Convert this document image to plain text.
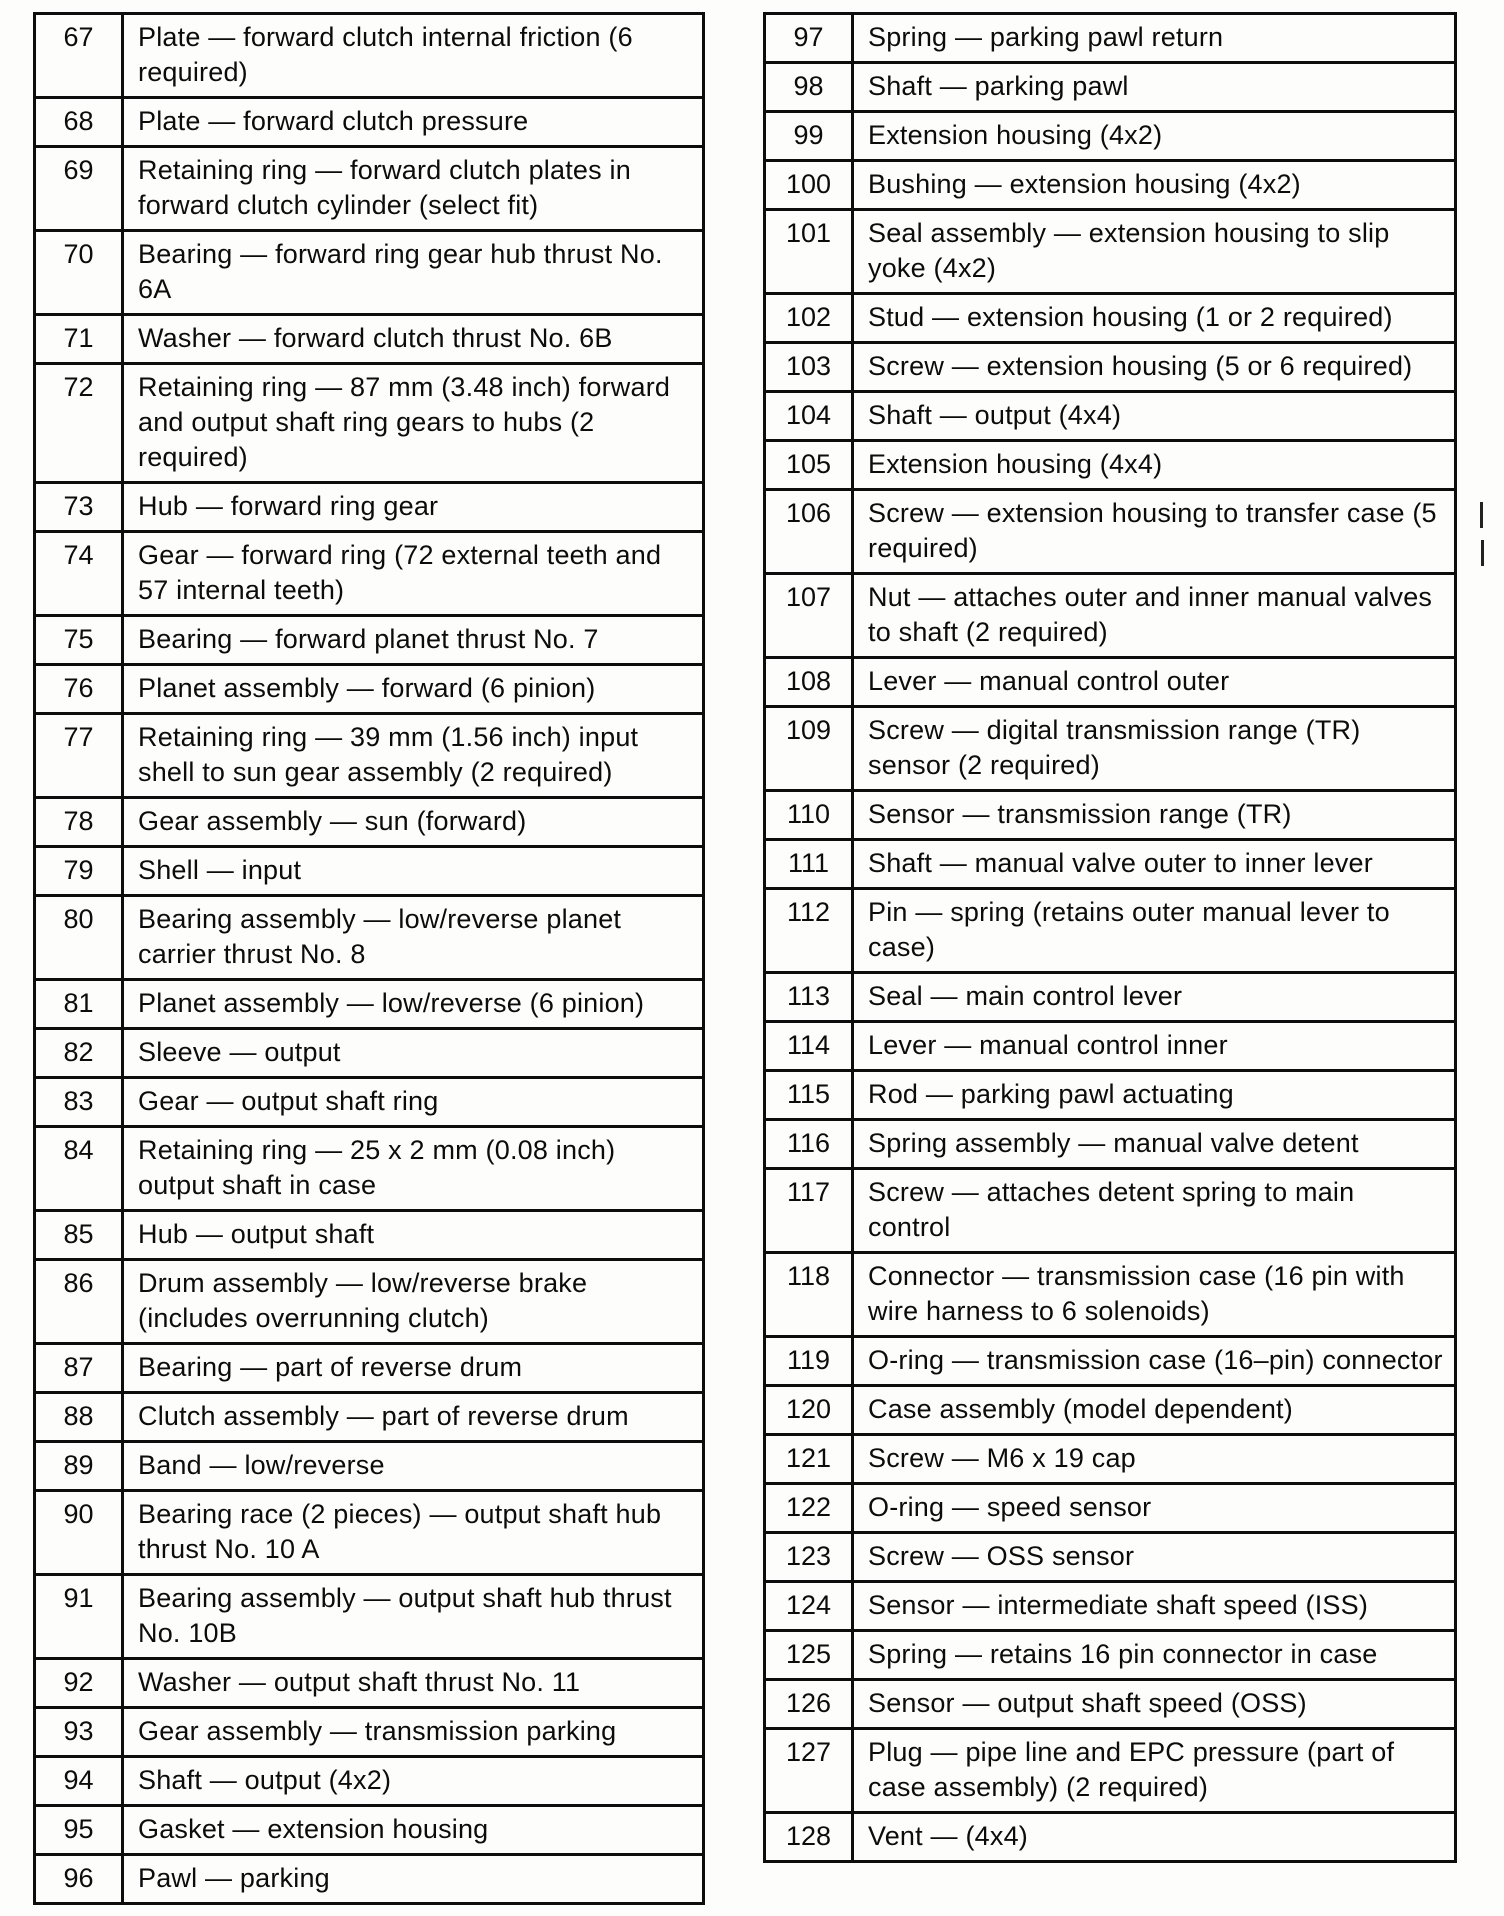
67	Plate — forward clutch internal friction (6 required)
68	Plate — forward clutch pressure
69	Retaining ring — forward clutch plates in forward clutch cylinder (select fit)
70	Bearing — forward ring gear hub thrust No. 6A
71	Washer — forward clutch thrust No. 6B
72	Retaining ring — 87 mm (3.48 inch) forward and output shaft ring gears to hubs (2 required)
73	Hub — forward ring gear
74	Gear — forward ring (72 external teeth and 57 internal teeth)
75	Bearing — forward planet thrust No. 7
76	Planet assembly — forward (6 pinion)
77	Retaining ring — 39 mm (1.56 inch) input shell to sun gear assembly (2 required)
78	Gear assembly — sun (forward)
79	Shell — input
80	Bearing assembly — low/reverse planet carrier thrust No. 8
81	Planet assembly — low/reverse (6 pinion)
82	Sleeve — output
83	Gear — output shaft ring
84	Retaining ring — 25 x 2 mm (0.08 inch) output shaft in case
85	Hub — output shaft
86	Drum assembly — low/reverse brake (includes overrunning clutch)
87	Bearing — part of reverse drum
88	Clutch assembly — part of reverse drum
89	Band — low/reverse
90	Bearing race (2 pieces) — output shaft hub thrust No. 10 A
91	Bearing assembly — output shaft hub thrust No. 10B
92	Washer — output shaft thrust No. 11
93	Gear assembly — transmission parking
94	Shaft — output (4x2)
95	Gasket — extension housing
96	Pawl — parking
97	Spring — parking pawl return
98	Shaft — parking pawl
99	Extension housing (4x2)
100	Bushing — extension housing (4x2)
101	Seal assembly — extension housing to slip yoke (4x2)
102	Stud — extension housing (1 or 2 required)
103	Screw — extension housing (5 or 6 required)
104	Shaft — output (4x4)
105	Extension housing (4x4)
106	Screw — extension housing to transfer case (5 required)
107	Nut — attaches outer and inner manual valves to shaft (2 required)
108	Lever — manual control outer
109	Screw — digital transmission range (TR) sensor (2 required)
110	Sensor — transmission range (TR)
111	Shaft — manual valve outer to inner lever
112	Pin — spring (retains outer manual lever to case)
113	Seal — main control lever
114	Lever — manual control inner
115	Rod — parking pawl actuating
116	Spring assembly — manual valve detent
117	Screw — attaches detent spring to main control
118	Connector — transmission case (16 pin with wire harness to 6 solenoids)
119	O-ring — transmission case (16–pin) connector
120	Case assembly (model dependent)
121	Screw — M6 x 19 cap
122	O-ring — speed sensor
123	Screw — OSS sensor
124	Sensor — intermediate shaft speed (ISS)
125	Spring — retains 16 pin connector in case
126	Sensor — output shaft speed (OSS)
127	Plug — pipe line and EPC pressure (part of case assembly) (2 required)
128	Vent — (4x4)
